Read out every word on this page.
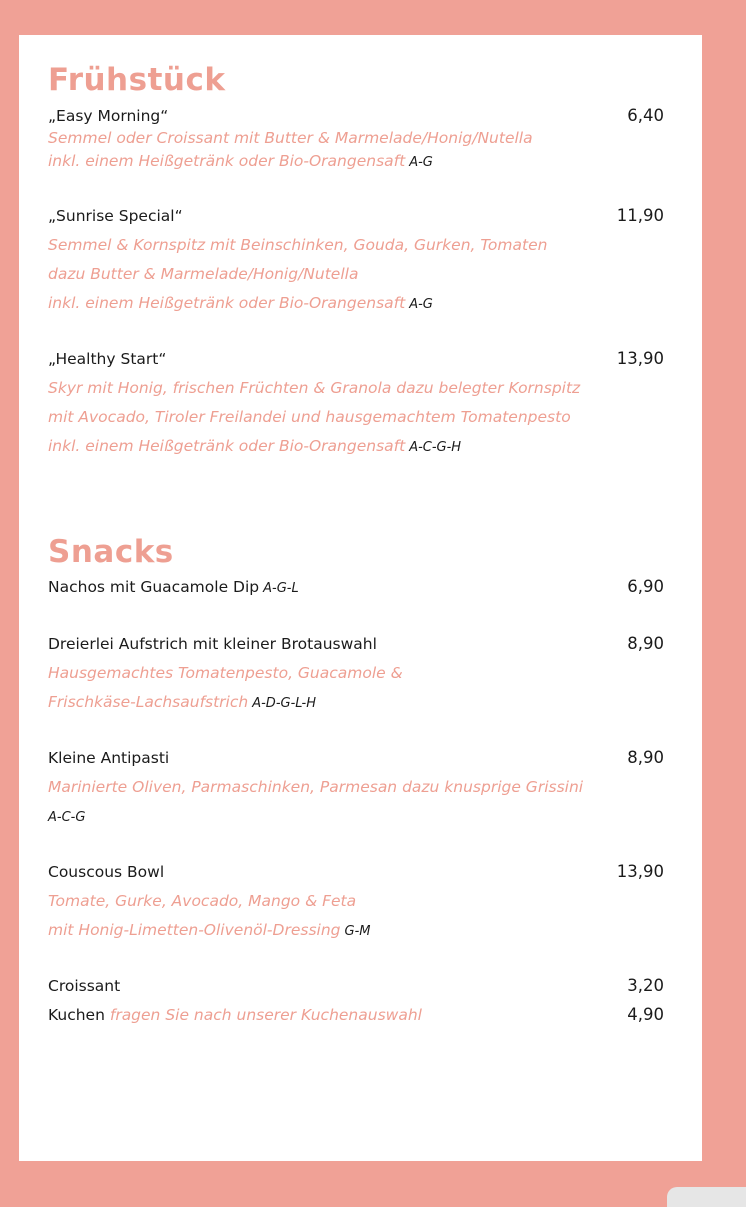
Frühstück
„Easy Morning“	6,40
Semmel oder Croissant mit Butter & Marmelade/Honig/Nutella
inkl. einem Heißgetränk oder Bio-Orangensaft A-G
„Sunrise Special“	11,90
Semmel & Kornspitz mit Beinschinken, Gouda, Gurken, Tomaten
dazu Butter & Marmelade/Honig/Nutella
inkl. einem Heißgetränk oder Bio-Orangensaft A-G
„Healthy Start“	13,90
Skyr mit Honig, frischen Früchten & Granola dazu belegter Kornspitz
mit Avocado, Tiroler Freilandei und hausgemachtem Tomatenpesto
inkl. einem Heißgetränk oder Bio-Orangensaft A-C-G-H
Snacks
Nachos mit Guacamole Dip A-G-L	6,90
Dreierlei Aufstrich mit kleiner Brotauswahl	8,90
Hausgemachtes Tomatenpesto, Guacamole &
Frischkäse-Lachsaufstrich A-D-G-L-H
Kleine Antipasti	8,90
Marinierte Oliven, Parmaschinken, Parmesan dazu knusprige Grissini
A-C-G
Couscous Bowl	13,90
Tomate, Gurke, Avocado, Mango & Feta
mit Honig-Limetten-Olivenöl-Dressing G-M
Croissant	3,20
Kuchen fragen Sie nach unserer Kuchenauswahl	4,90
